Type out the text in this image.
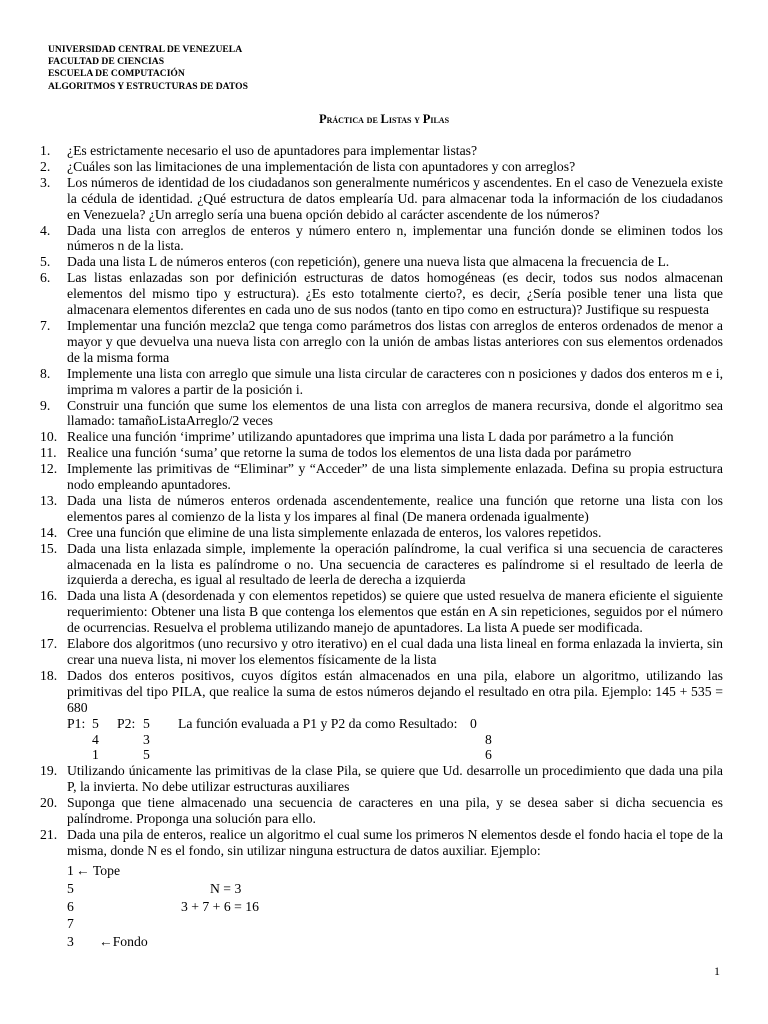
UNIVERSIDAD CENTRAL DE VENEZUELA
FACULTAD DE CIENCIAS
ESCUELA DE COMPUTACIÓN
ALGORITMOS Y ESTRUCTURAS DE DATOS
Práctica de Listas y Pilas
1. ¿Es estrictamente necesario el uso de apuntadores para implementar listas?
2. ¿Cuáles son las limitaciones de una implementación de lista con apuntadores y con arreglos?
3. Los números de identidad de los ciudadanos son generalmente numéricos y ascendentes. En el caso de Venezuela existe la cédula de identidad. ¿Qué estructura de datos emplearía Ud. para almacenar toda la información de los ciudadanos en Venezuela? ¿Un arreglo sería una buena opción debido al carácter ascendente de los números?
4. Dada una lista con arreglos de enteros y número entero n, implementar una función donde se eliminen todos los números n de la lista.
5. Dada una lista L de números enteros (con repetición), genere una nueva lista que almacena la frecuencia de L.
6. Las listas enlazadas son por definición estructuras de datos homogéneas (es decir, todos sus nodos almacenan elementos del mismo tipo y estructura). ¿Es esto totalmente cierto?, es decir, ¿Sería posible tener una lista que almacenara elementos diferentes en cada uno de sus nodos (tanto en tipo como en estructura)? Justifique su respuesta
7. Implementar una función mezcla2 que tenga como parámetros dos listas con arreglos de enteros ordenados de menor a mayor y que devuelva una nueva lista con arreglo con la unión de ambas listas anteriores con sus elementos ordenados de la misma forma
8. Implemente una lista con arreglo que simule una lista circular de caracteres con n posiciones y dados dos enteros m e i, imprima m valores a partir de la posición i.
9. Construir una función que sume los elementos de una lista con arreglos de manera recursiva, donde el algoritmo sea llamado: tamañoListaArreglo/2 veces
10. Realice una función ‘imprime’ utilizando apuntadores que imprima una lista L dada por parámetro a la función
11. Realice una función ‘suma’ que retorne la suma de todos los elementos de una lista dada por parámetro
12. Implemente las primitivas de “Eliminar” y “Acceder” de una lista simplemente enlazada. Defina su propia estructura nodo empleando apuntadores.
13. Dada una lista de números enteros ordenada ascendentemente, realice una función que retorne una lista con los elementos pares al comienzo de la lista y los impares al final (De manera ordenada igualmente)
14. Cree una función que elimine de una lista simplemente enlazada de enteros, los valores repetidos.
15. Dada una lista enlazada simple, implemente la operación palíndrome, la cual verifica si una secuencia de caracteres almacenada en la lista es palíndrome o no. Una secuencia de caracteres es palíndrome si el resultado de leerla de izquierda a derecha, es igual al resultado de leerla de derecha a izquierda
16. Dada una lista A (desordenada y con elementos repetidos) se quiere que usted resuelva de manera eficiente el siguiente requerimiento: Obtener una lista B que contenga los elementos que están en A sin repeticiones, seguidos por el número de ocurrencias. Resuelva el problema utilizando manejo de apuntadores. La lista A puede ser modificada.
17. Elabore dos algoritmos (uno recursivo y otro iterativo) en el cual dada una lista lineal en forma enlazada la invierta, sin crear una nueva lista, ni mover los elementos físicamente de la lista
18. Dados dos enteros positivos, cuyos dígitos están almacenados en una pila, elabore un algoritmo, utilizando las primitivas del tipo PILA, que realice la suma de estos números dejando el resultado en otra pila. Ejemplo: 145 + 535 = 680
P1: 5 P2: 5 La función evaluada a P1 y P2 da como Resultado: 0
4	3	8
1	5	6
19. Utilizando únicamente las primitivas de la clase Pila, se quiere que Ud. desarrolle un procedimiento que dada una pila P, la invierta. No debe utilizar estructuras auxiliares
20. Suponga que tiene almacenado una secuencia de caracteres en una pila, y se desea saber si dicha secuencia es palíndrome. Proponga una solución para ello.
21. Dada una pila de enteros, realice un algoritmo el cual sume los primeros N elementos desde el fondo hacia el tope de la misma, donde N es el fondo, sin utilizar ninguna estructura de datos auxiliar. Ejemplo:
1 ← Tope
5	N = 3
6	3 + 7 + 6 = 16
7
3 ←Fondo
1
